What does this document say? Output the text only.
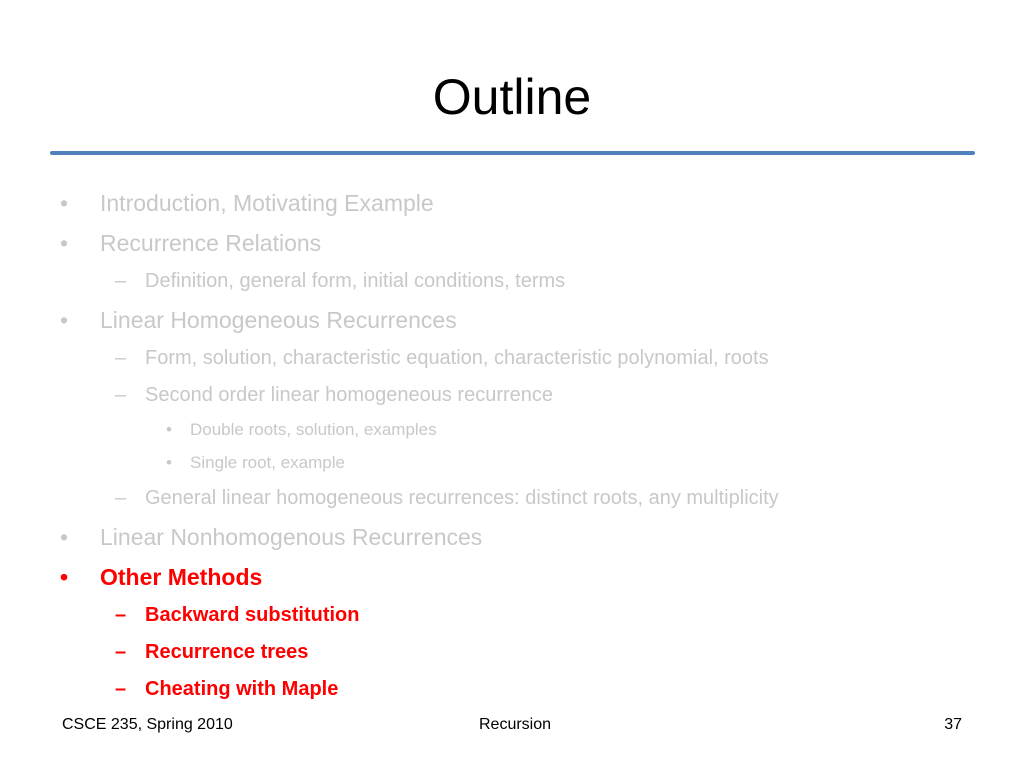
Outline
• Introduction, Motivating Example
• Recurrence Relations
– Definition, general form, initial conditions, terms
• Linear Homogeneous Recurrences
– Form, solution, characteristic equation, characteristic polynomial, roots
– Second order linear homogeneous recurrence
• Double roots, solution, examples
• Single root, example
– General linear homogeneous recurrences: distinct roots, any multiplicity
• Linear Nonhomogenous Recurrences
• Other Methods
– Backward substitution
– Recurrence trees
– Cheating with Maple
CSCE 235, Spring 2010	Recursion	37
